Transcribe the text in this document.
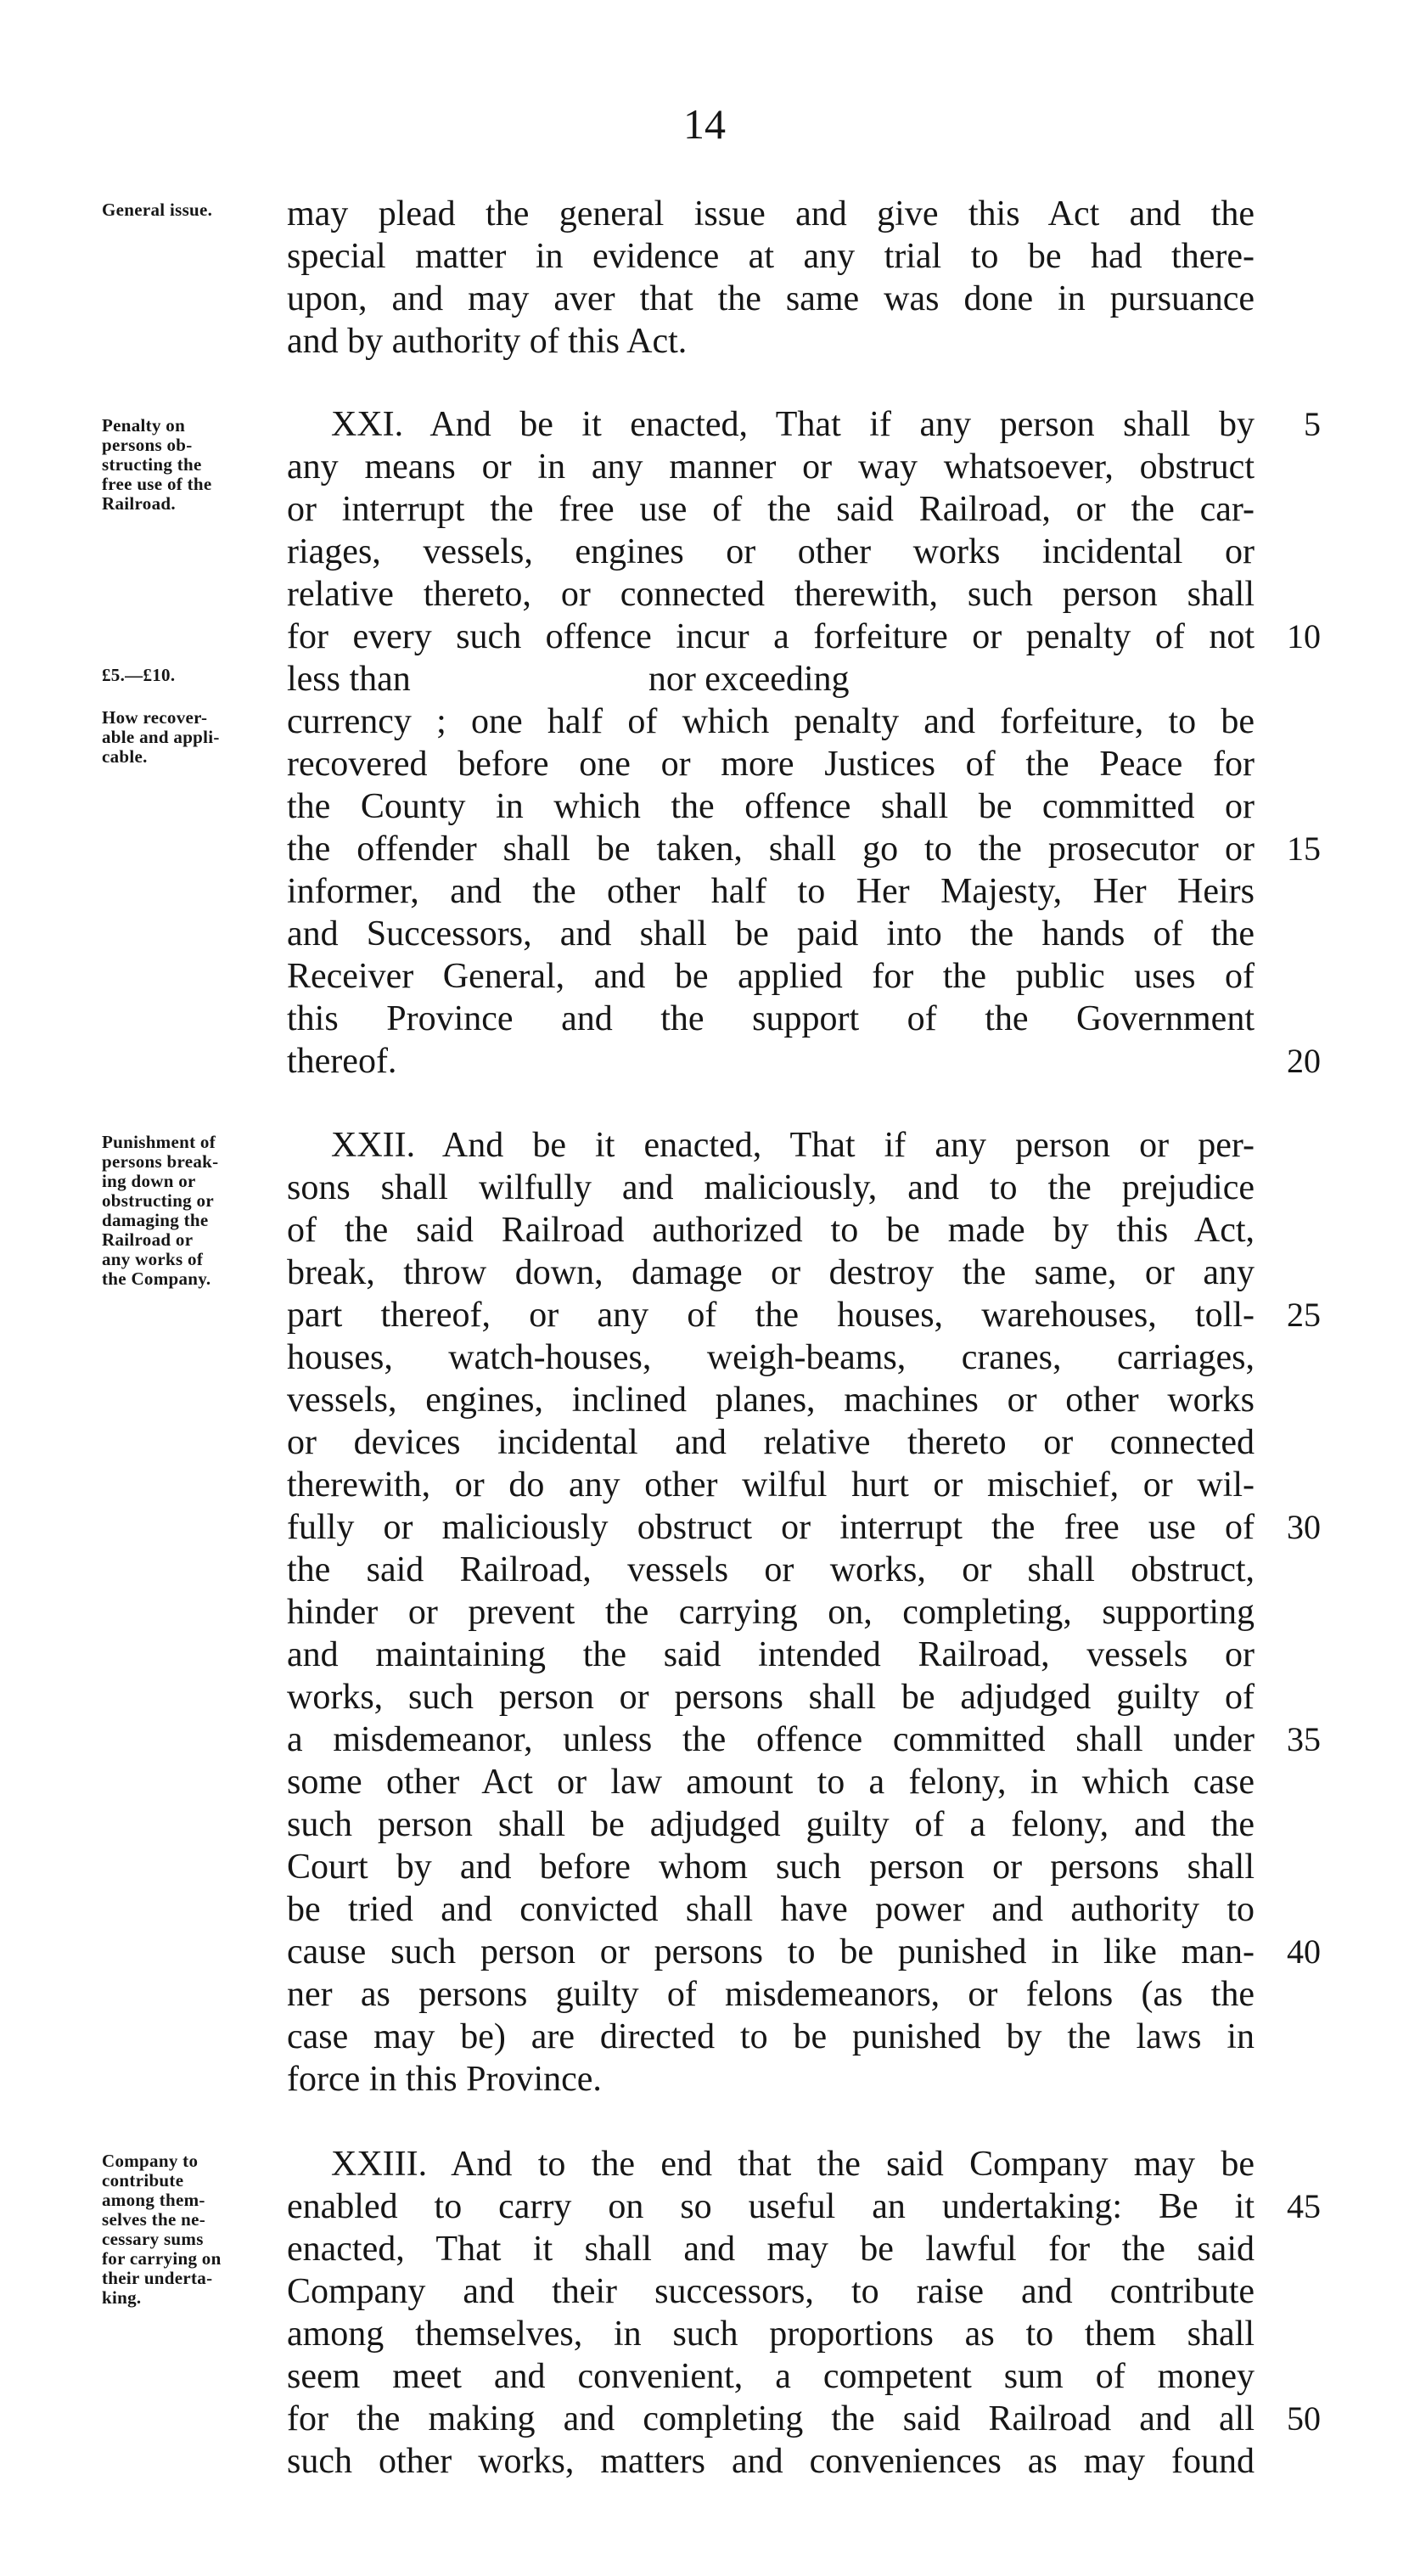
14
General issue.
Penalty on
persons ob-
structing the
free use of the
Railroad.
£5.—£10.
How recover-
able and appli-
cable.
Punishment of
persons break-
ing down or
obstructing or
damaging the
Railroad or
any works of
the Company.
Company to
contribute
among them-
selves the ne-
cessary sums
for carrying on
their underta-
king.
may plead the general issue and give this Act and the
special matter in evidence at any trial to be had there-
upon, and may aver that the same was done in pursuance
and by authority of this Act.
XXI. And be it enacted, That if any person shall by
any means or in any manner or way whatsoever, obstruct
or interrupt the free use of the said Railroad, or the car-
riages, vessels, engines or other works incidental or
relative thereto, or connected therewith, such person shall
for every such offence incur a forfeiture or penalty of not
less than	nor exceeding
currency ; one half of which penalty and forfeiture, to be
recovered before one or more Justices of the Peace for
the County in which the offence shall be committed or
the offender shall be taken, shall go to the prosecutor or
informer, and the other half to Her Majesty, Her Heirs
and Successors, and shall be paid into the hands of the
Receiver General, and be applied for the public uses of
this Province and the support of the Government
thereof.
XXII. And be it enacted, That if any person or per-
sons shall wilfully and maliciously, and to the prejudice
of the said Railroad authorized to be made by this Act,
break, throw down, damage or destroy the same, or any
part thereof, or any of the houses, warehouses, toll-
houses, watch-houses, weigh-beams, cranes, carriages,
vessels, engines, inclined planes, machines or other works
or devices incidental and relative thereto or connected
therewith, or do any other wilful hurt or mischief, or wil-
fully or maliciously obstruct or interrupt the free use of
the said Railroad, vessels or works, or shall obstruct,
hinder or prevent the carrying on, completing, supporting
and maintaining the said intended Railroad, vessels or
works, such person or persons shall be adjudged guilty of
a misdemeanor, unless the offence committed shall under
some other Act or law amount to a felony, in which case
such person shall be adjudged guilty of a felony, and the
Court by and before whom such person or persons shall
be tried and convicted shall have power and authority to
cause such person or persons to be punished in like man-
ner as persons guilty of misdemeanors, or felons (as the
case may be) are directed to be punished by the laws in
force in this Province.
XXIII. And to the end that the said Company may be
enabled to carry on so useful an undertaking: Be it
enacted, That it shall and may be lawful for the said
Company and their successors, to raise and contribute
among themselves, in such proportions as to them shall
seem meet and convenient, a competent sum of money
for the making and completing the said Railroad and all
such other works, matters and conveniences as may found
5
10
15
20
25
30
35
40
45
50
